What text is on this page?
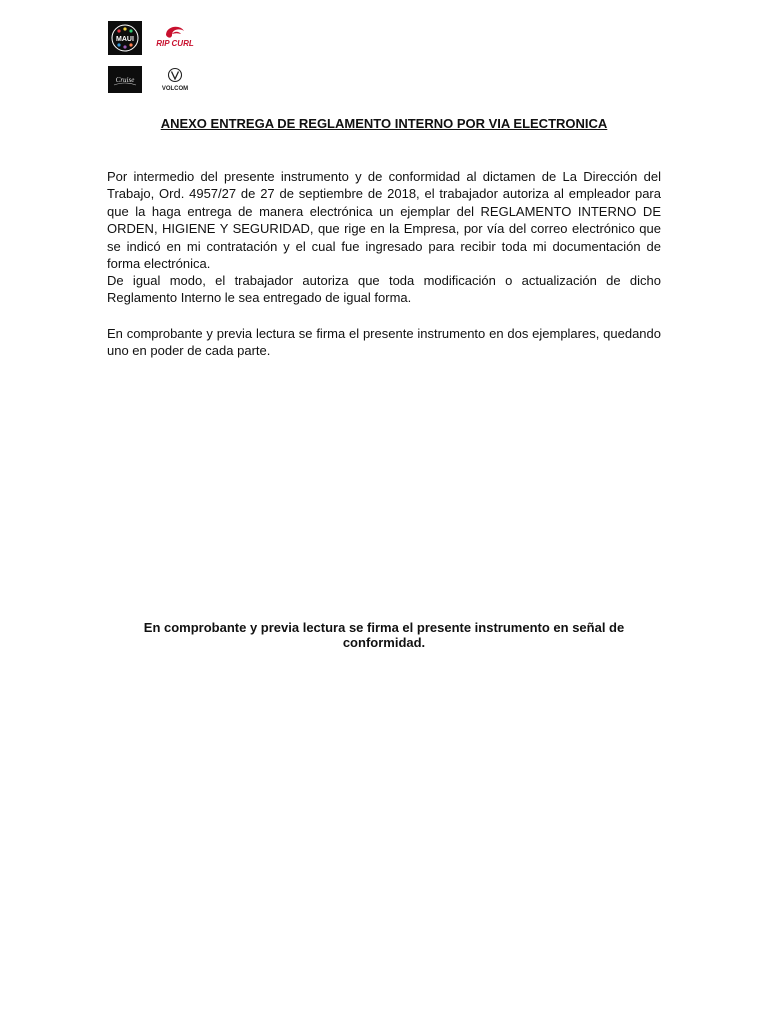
MAUI	RIP CURL
Cruise
VOLCOM
ANEXO ENTREGA DE REGLAMENTO INTERNO POR VIA ELECTRONICA

Por intermedio del presente instrumento y de conformidad al dictamen de La Dirección del Trabajo, Ord. 4957/27 de 27 de septiembre de 2018, el trabajador autoriza al empleador para que la haga entrega de manera electrónica un ejemplar del REGLAMENTO INTERNO DE ORDEN, HIGIENE Y SEGURIDAD, que rige en la Empresa, por vía del correo electrónico que se indicó en mi contratación y el cual fue ingresado para recibir toda mi documentación de forma electrónica.

De igual modo, el trabajador autoriza que toda modificación o actualización de dicho Reglamento Interno le sea entregado de igual forma.

En comprobante y previa lectura se firma el presente instrumento en dos ejemplares, quedando uno en poder de cada parte.

En comprobante y previa lectura se firma el presente instrumento en señal de conformidad.
